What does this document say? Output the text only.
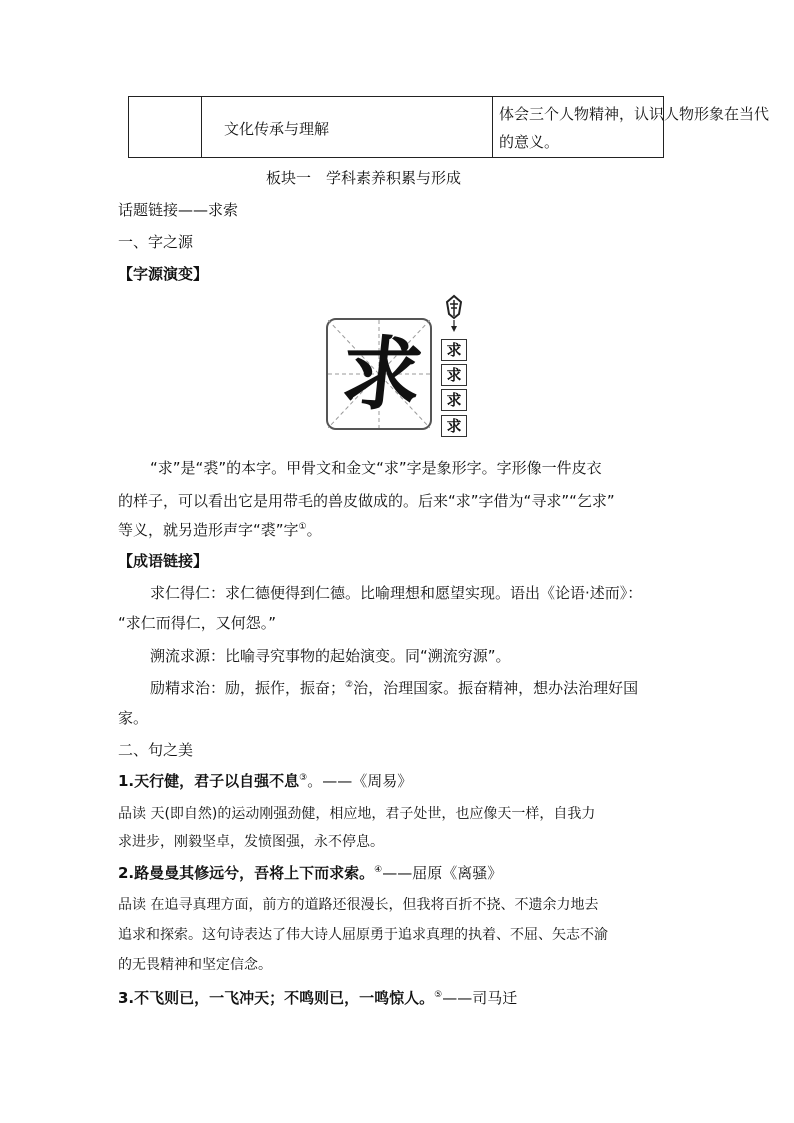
文化传承与理解
体会三个人物精神，认识人物形象在当代
的意义。
板块一　学科素养积累与形成
话题链接——求索
一、字之源
【字源演变】
求	求
求
求
求
“求”是“裘”的本字。甲骨文和金文“求”字是象形字。字形像一件皮衣
的样子，可以看出它是用带毛的兽皮做成的。后来“求”字借为“寻求”“乞求”
等义，就另造形声字“裘”字①。
【成语链接】
求仁得仁：求仁德便得到仁德。比喻理想和愿望实现。语出《论语·述而》：
“求仁而得仁，又何怨。”
溯流求源：比喻寻究事物的起始演变。同“溯流穷源”。
励精求治：励，振作，振奋；②治，治理国家。振奋精神，想办法治理好国
家。
二、句之美
1.天行健，君子以自强不息③。——《周易》
品读 天(即自然)的运动刚强劲健，相应地，君子处世，也应像天一样，自我力
求进步，刚毅坚卓，发愤图强，永不停息。
2.路曼曼其修远兮，吾将上下而求索。④——屈原《离骚》
品读 在追寻真理方面，前方的道路还很漫长，但我将百折不挠、不遗余力地去
追求和探索。这句诗表达了伟大诗人屈原勇于追求真理的执着、不屈、矢志不渝
的无畏精神和坚定信念。
3.不飞则已，一飞冲天；不鸣则已，一鸣惊人。⑤——司马迁
